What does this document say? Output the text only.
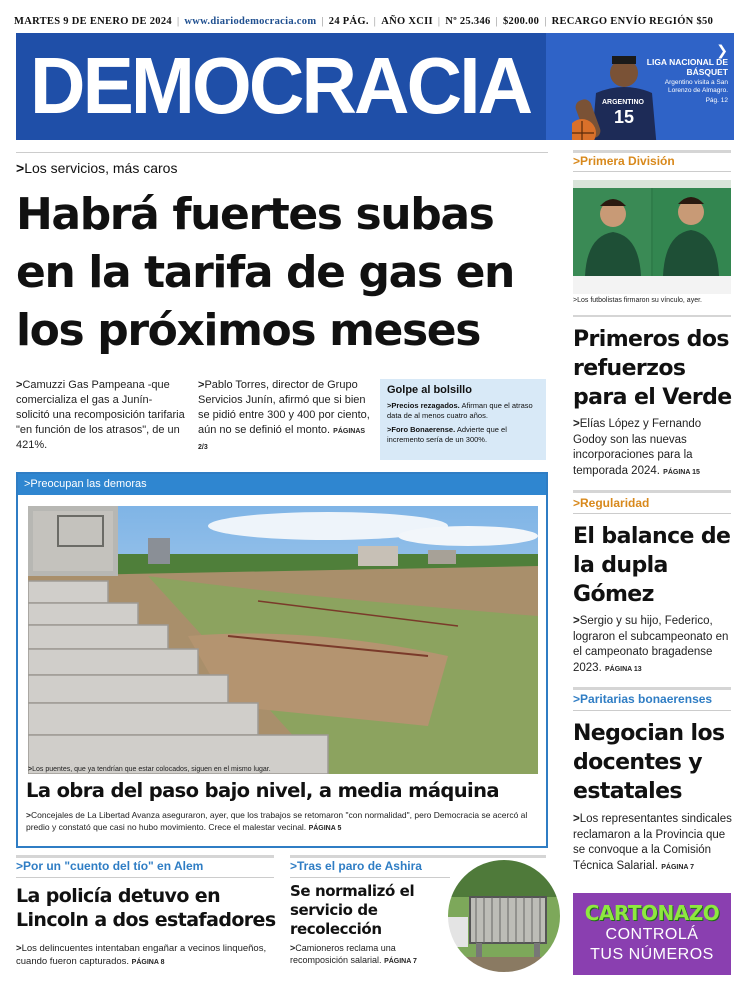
MARTES 9 DE ENERO DE 2024 | www.diariodemocracia.com | 24 PÁG. | AÑO XCII | Nº 25.346 | $200.00 | RECARGO ENVÍO REGIÓN $50
DEMOCRACIA	ARGENTINO
15
❯
LIGA NACIONAL DE BÁSQUET
Argentino visita a San Lorenzo de Almagro.
Pág. 12
>Los servicios, más caros
Habrá fuertes subas en la tarifa de gas en los próximos meses
>Camuzzi Gas Pampeana -que comercializa el gas a Junín- solicitó una recomposición tarifaria "en función de los atrasos", de un 421%.
>Pablo Torres, director de Grupo Servicios Junín, afirmó que si bien se pidió entre 300 y 400 por ciento, aún no se definió el monto. PÁGINAS 2/3
Golpe al bolsillo

>Precios rezagados. Afirman que el atraso data de al menos cuatro años.

>Foro Bonaerense. Advierte que el incremento sería de un 300%.

>Preocupan las demoras
>Los puentes, que ya tendrían que estar colocados, siguen en el mismo lugar.
La obra del paso bajo nivel, a media máquina
>Concejales de La Libertad Avanza aseguraron, ayer, que los trabajos se retomaron "con normalidad", pero Democracia se acercó al predio y constató que casi no hubo movimiento. Crece el malestar vecinal. PÁGINA 5
>Por un "cuento del tío" en Alem
La policía detuvo en Lincoln a dos estafadores
>Los delincuentes intentaban engañar a vecinos linqueños, cuando fueron capturados. PÁGINA 8
>Tras el paro de Ashira
Se normalizó el servicio de recolección
>Camioneros reclama una recomposición salarial. PÁGINA 7
>Primera División
>Los futbolistas firmaron su vínculo, ayer.
Primeros dos refuerzos para el Verde
>Elías López y Fernando Godoy son las nuevas incorporaciones para la temporada 2024. PÁGINA 15
>Regularidad
El balance de la dupla Gómez
>Sergio y su hijo, Federico, lograron el subcampeonato en el campeonato bragadense 2023. PÁGINA 13
>Paritarias bonaerenses
Negocian los docentes y estatales
>Los representantes sindicales reclamaron a la Provincia que se convoque a la Comisión Técnica Salarial. PÁGINA 7
CARTONAZO
CONTROLÁ
TUS NÚMEROS
